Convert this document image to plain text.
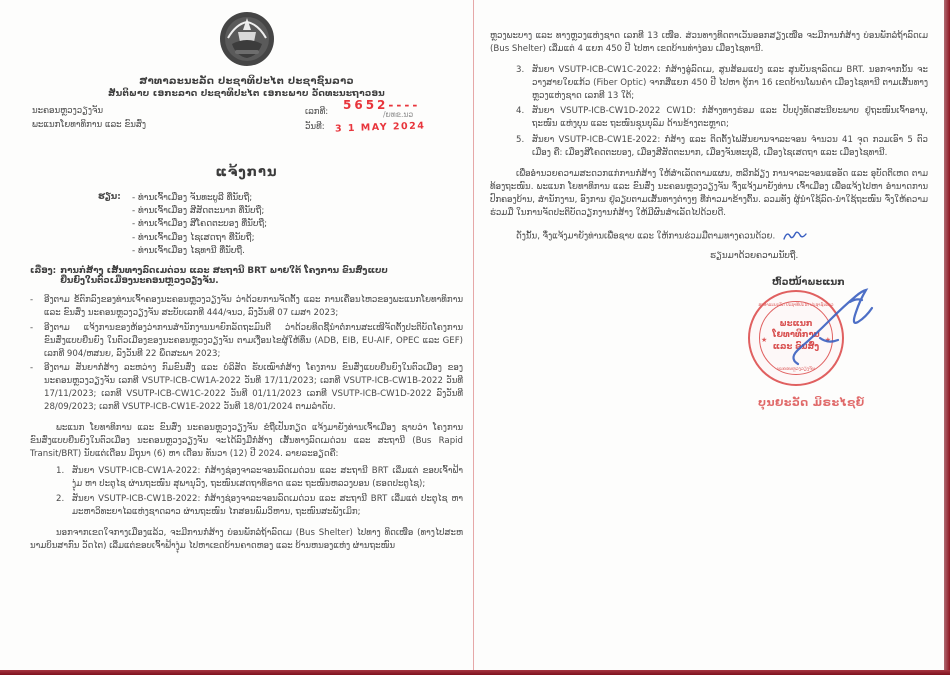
ສາທາລະນະລັດ ປະຊາທິປະໄຕ ປະຊາຊົນລາວ
ສັນຕິພາບ ເອກະລາດ ປະຊາທິປະໄຕ ເອກະພາບ ວັດທະນະຖາວອນ
ນະຄອນຫຼວງວຽງຈັນ
ພະແນກໂຍທາທິການ ແລະ ຂົນສົ່ງ
ເລກທີ: 5652----
/ຍທຂ.ນວ
ວັນທີ: 3 1 MAY 2024
ແຈ້ງການ
ຮຽນ:	- ທ່ານເຈົ້າເມືອງ ຈັນທະບູລີ ທີ່ນັບຖື;
- ທ່ານເຈົ້າເມືອງ ສີສັດຕະນາກ ທີ່ນັບຖື;
- ທ່ານເຈົ້າເມືອງ ສີໂຄດຕະບອງ ທີ່ນັບຖື;
- ທ່ານເຈົ້າເມືອງ ໄຊເສດຖາ ທີ່ນັບຖື;
- ທ່ານເຈົ້າເມືອງ ໄຊທານີ ທີ່ນັບຖື.
ເລື່ອງ: ການກໍ່ສ້າງ ເສັ້ນທາງລົດເມດ່ວນ ແລະ ສະຖານີ BRT ພາຍໃຕ້ ໂຄງການ ຂົນສົ່ງແບບຍືນຍົງໃນຕົວເມືອງນະຄອນຫຼວງວຽງຈັນ.
-	ອີງຕາມ ຂໍ້ຕົກລົງຂອງທ່ານເຈົ້າຄອງນະຄອນຫຼວງວຽງຈັນ ວ່າດ້ວຍການຈັດຕັ້ງ ແລະ ການເຄື່ອນໄຫວຂອງພະແນກໂຍທາທິການ ແລະ ຂົນສົ່ງ ນະຄອນຫຼວງວຽງຈັນ ສະບັບເລກທີ 444/ຈນວ, ລົງວັນທີ 07 ເມສາ 2023;
-	ອີງຕາມ ແຈ້ງການຂອງຫ້ອງວ່າການສຳນັກງານນາຍົກລັດຖະມົນຕີ ວ່າດ້ວຍທິດຊີ້ນຳຕໍ່ການສະເໜີຈັດຕັ້ງປະຕິບັດໂຄງການ ຂົນສົ່ງແບບຍືນຍົງ ໃນຕົວເມືອງຂອງນະຄອນຫຼວງວຽງຈັນ ຕາມເງື່ອນໄຂຜູ້ໃຫ້ທຶນ (ADB, EIB, EU-AIF, OPEC ແລະ GEF) ເລກທີ 904/ຫສນຍ, ລົງວັນທີ 22 ພຶດສະພາ 2023;
-	ອີງຕາມ ສັນຍາກໍ່ສ້າງ ລະຫວ່າງ ກົມຂົນສົ່ງ ແລະ ບໍລິສັດ ຮັບເໝົາກໍ່ສ້າງ ໂຄງການ ຂົນສົ່ງແບບຍືນຍົງໃນຕົວເມືອງ ຂອງນະຄອນຫຼວງວຽງຈັນ ເລກທີ VSUTP-ICB-CW1A-2022 ວັນທີ 17/11/2023; ເລກທີ VSUTP-ICB-CW1B-2022 ວັນທີ 17/11/2023; ເລກທີ VSUTP-ICB-CW1C-2022 ວັນທີ 01/11/2023 ເລກທີ VSUTP-ICB-CW1D-2022 ລົງວັນທີ 28/09/2023; ເລກທີ VSUTP-ICB-CW1E-2022 ວັນທີ 18/01/2024 ຕາມລຳດັບ.
ພະແນກ ໂຍທາທິການ ແລະ ຂົນສົ່ງ ນະຄອນຫຼວງວຽງຈັນ ຂໍຖືເປັນກຽດ ແຈ້ງມາຍັງທ່ານເຈົ້າເມືອງ ຊາບວ່າ ໂຄງການ ຂົນສົ່ງແບບຍືນຍົງໃນຕົວເມືອງ ນະຄອນຫຼວງວຽງຈັນ ຈະໄດ້ລົງມືກໍ່ສ້າງ ເສັ້ນທາງລົດເມດ່ວນ ແລະ ສະຖານີ (Bus Rapid Transit/BRT) ນັບແຕ່ເດືອນ ມິຖຸນາ (6) ຫາ ເດືອນ ທັນວາ (12) ປີ 2024. ລາຍລະອຽດຄື:
1. ສັນຍາ VSUTP-ICB-CW1A-2022: ກໍ່ສ້າງຊ່ອງຈາລະຈອນລົດເມດ່ວນ ແລະ ສະຖານີ BRT ເລີ່ມແຕ່ ຂອບເຈົ້າຟ້າງຸ່ມ ຫາ ປະຕູໄຊ ຜ່ານຖະໜົນ ສຸພານຸວົງ, ຖະໜົນເສດຖາທິຣາດ ແລະ ຖະໜົນຫລວງບອນ (ຮອດປະຕູໄຊ);
2. ສັນຍາ VSUTP-ICB-CW1B-2022: ກໍ່ສ້າງຊ່ອງຈາລະຈອນລົດເມດ່ວນ ແລະ ສະຖານີ BRT ເລີ່ມແຕ່ ປະຕູໄຊ ຫາ ມະຫາວິທະຍາໄລແຫ່ງຊາດລາວ ຜ່ານຖະໜົນ ໄກສອນພົມວິຫານ, ຖະໜົນສະພັງເມິກ;
ນອກຈາກເຂດໃຈກາງເມືອງແລ້ວ, ຈະມີການກໍ່ສ້າງ ບ່ອນພັກລໍຖ້າລົດເມ (Bus Shelter) ໄປທາງ ທິດເໜືອ (ທາງໄປສະຫນາມບິນສາກົນ ວັດໄຕ) ເລີ່ມແຕ່ຂອບເຈົ້າຟ້າງຸ່ມ ໄປຫາເຂດບ້ານຄາດຫອງ ແລະ ບ້ານຫນອງແຫ່ງ ຜ່ານຖະໜົນ
ຫຼວງພະບາງ ແລະ ທາງຫຼວງແຫ່ງຊາດ ເລກທີ 13 ເໜືອ. ສ່ວນທາງທິດຕາເວັນອອກສຽງເໜືອ ຈະມີການກໍ່ສ້າງ ບ່ອນພັກລໍຖ້າລົດເມ (Bus Shelter) ເລີ່ມແຕ່ 4 ແຍກ 450 ປີ ໄປຫາ ເຂດບ້ານທ່າງ່ອນ ເມືອງໄຊທານີ.
3. ສັນຍາ VSUTP-ICB-CW1C-2022: ກໍ່ສ້າງອູ່ລົດເມ, ສູນສ້ອມແປງ ແລະ ສູນບັນຊາລົດເມ BRT. ນອກຈາກນັ້ນ ຈະວາງສາຍໃຍແກ້ວ (Fiber Optic) ຈາກສີ່ແຍກ 450 ປີ ໄປຫາ ຕູ້ກາ 16 ເຂດບ້ານໂພນຄໍາ ເມືອງໄຊທານີ ຕາມເສັ້ນທາງຫຼວງແຫ່ງຊາດ ເລກທີ 13 ໃຕ້;
4. ສັນຍາ VSUTP-ICB-CW1D-2022 CW1D: ກໍ່ສ້າງທາງຮ່ອມ ແລະ ປັບປຸງທັດສະນີຍະພາບ ຢູ່ຖະໜົນເຈົ້າອານຸ, ຖະໜົນ ແຫ່ງບຸນ ແລະ ຖະໜົນຊຸນບຸລົມ ດ້ານຂ້າງຕະຫຼາດ;
5. ສັນຍາ VSUTP-ICB-CW1E-2022: ກໍ່ສ້າງ ແລະ ຕິດຕັ້ງໄຟສັນຍານຈາລະຈອນ ຈຳນວນ 41 ຈຸດ ກວມເອົາ 5 ຕົວເມືອງ ຄື: ເມືອງສີໂຄດຕະບອງ, ເມືອງສີສັດຕະນາກ, ເມືອງຈັນທະບູລີ, ເມືອງໄຊເສດຖາ ແລະ ເມືອງໄຊທານີ.
ເພື່ອອຳນວຍຄວາມສະດວກແກ່ການກໍ່ສ້າງ ໃຫ້ສຳເລັດຕາມແຜນ, ຫລີກລ້ຽງ ການຈາລະຈອນແອອັດ ແລະ ອຸບັດຕິເຫດ ຕາມທ້ອງຖະໜົນ. ພະແນກ ໂຍທາທິການ ແລະ ຂົນສົ່ງ ນະຄອນຫຼວງວຽງຈັນ ຈຶ່ງແຈ້ງມາຍັງທ່ານ ເຈົ້າເມືອງ ເພື່ອແຈ້ງໄປຫາ ອຳນາດການປົກຄອງບ້ານ, ສຳນັກງານ, ອົງການ ຢູ່ລຽບຕາມເສັ້ນທາງຕ່າງໆ ທີ່ກ່າວມາຂ້າງຕົ້ນ. ລວມທັງ ຜູ້ນຳໃຊ້ລົດ-ນຳໃຊ້ຖະໜົນ ຈົ່ງໃຫ້ຄວາມຮ່ວມມື ໃນການຈັດປະຕິບັດວຽກງານກໍ່ສ້າງ ໃຫ້ມີຜົນສຳເລັດໄປດ້ວຍດີ.
ດັ່ງນັ້ນ, ຈຶ່ງແຈ້ງມາຍັງທ່ານເພື່ອຊາບ ແລະ ໃຫ້ການຮ່ວມມືຕາມທາງຄວນດ້ວຍ.
ຮຽນມາດ້ວຍຄວາມນັບຖື.
ຫົວໜ້າພະແນກ
ສາທາລະນະລັດ ປະຊາທິປະໄຕ ປະຊາຊົນລາວ
ພະແນກ
ໂຍທາທິການ
ແລະ ຂົນສົ່ງ
★	★
ນະຄອນຫຼວງວຽງຈັນ
ບຸນຍະວັດ ມິຣະໄຊຍ໌
